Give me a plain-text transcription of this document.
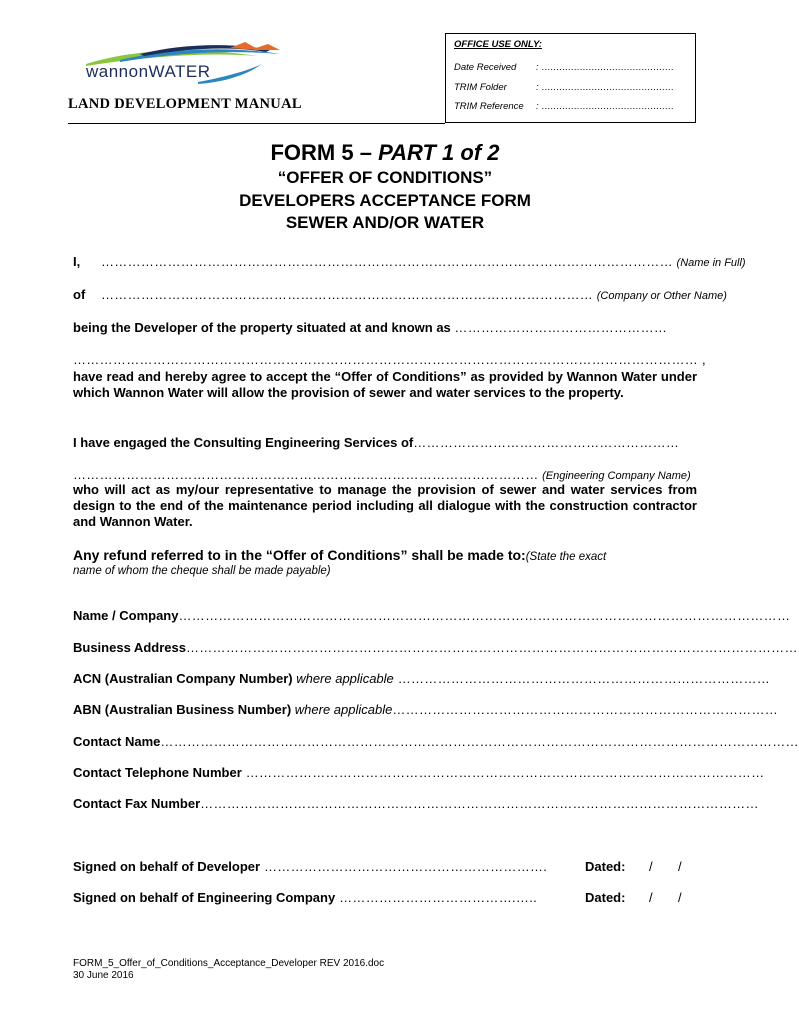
wannonWATER
LAND DEVELOPMENT MANUAL
OFFICE USE ONLY:
Date Received : .............................................
TRIM Folder	: .............................................
TRIM Reference : .............................................
FORM 5 – PART 1 of 2
“OFFER OF CONDITIONS”
DEVELOPERS ACCEPTANCE FORM
SEWER AND/OR WATER
I, ………………………………………………………………………………………………………………… (Name in Full)
of ………………………………………………………………………………………………… (Company or Other Name)
being the Developer of the property situated at and known as …………………………………………
…………………………………………………………………………………………………………………………… ,
have read and hereby agree to accept the “Offer of Conditions” as provided by Wannon Water under which Wannon Water will allow the provision of sewer and water services to the property.
I have engaged the Consulting Engineering Services of……………………………………………………
…………………………………………………………………………………………… (Engineering Company Name)
who will act as my/our representative to manage the provision of sewer and water services from design to the end of the maintenance period including all dialogue with the construction contractor and Wannon Water.
Any refund referred to in the “Offer of Conditions” shall be made to:(State the exact
name of whom the cheque shall be made payable)
Name / Company…………………………………………………………………………………………………………………………
Business Address…………………………………………………………………………………………………………………………
ACN (Australian Company Number) where applicable …………………………………………………………………………
ABN (Australian Business Number) where applicable……………………………………………………………………………
Contact Name………………………………………………………………………………………………………………………………
Contact Telephone Number ………………………………………………………………………………………………………
Contact Fax Number………………………………………………………………………………………………………………
Signed on behalf of Developer ……………………………………………………….	Dated: / /
Signed on behalf of Engineering Company ………………………………….…..	Dated: / /
FORM_5_Offer_of_Conditions_Acceptance_Developer REV 2016.doc
30 June 2016
